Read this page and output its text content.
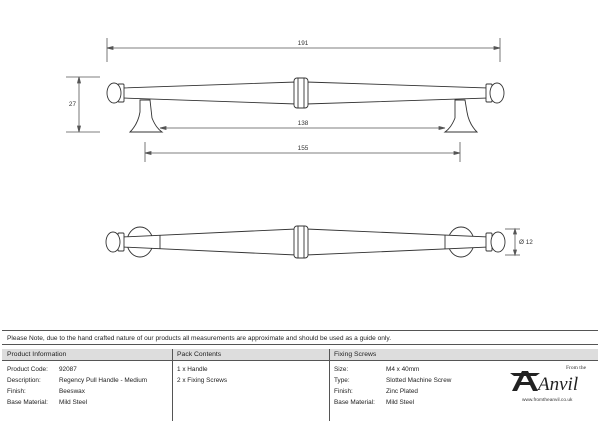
191
27
138
155
Ø 12
Please Note, due to the hand crafted nature of our products all measurements are approximate and should be used as a guide only.
Product Information	Pack Contents	Fixing Screws
Product Code: 92087
Description:	Regency Pull Handle - Medium
Finish:	Beeswax
Base Material: Mild Steel
1 x Handle
2 x Fixing Screws
Size:	M4 x 40mm
Type:	Slotted Machine Screw
Finish:	Zinc Plated
Base Material: Mild Steel
From the
Anvil
www.fromtheanvil.co.uk
